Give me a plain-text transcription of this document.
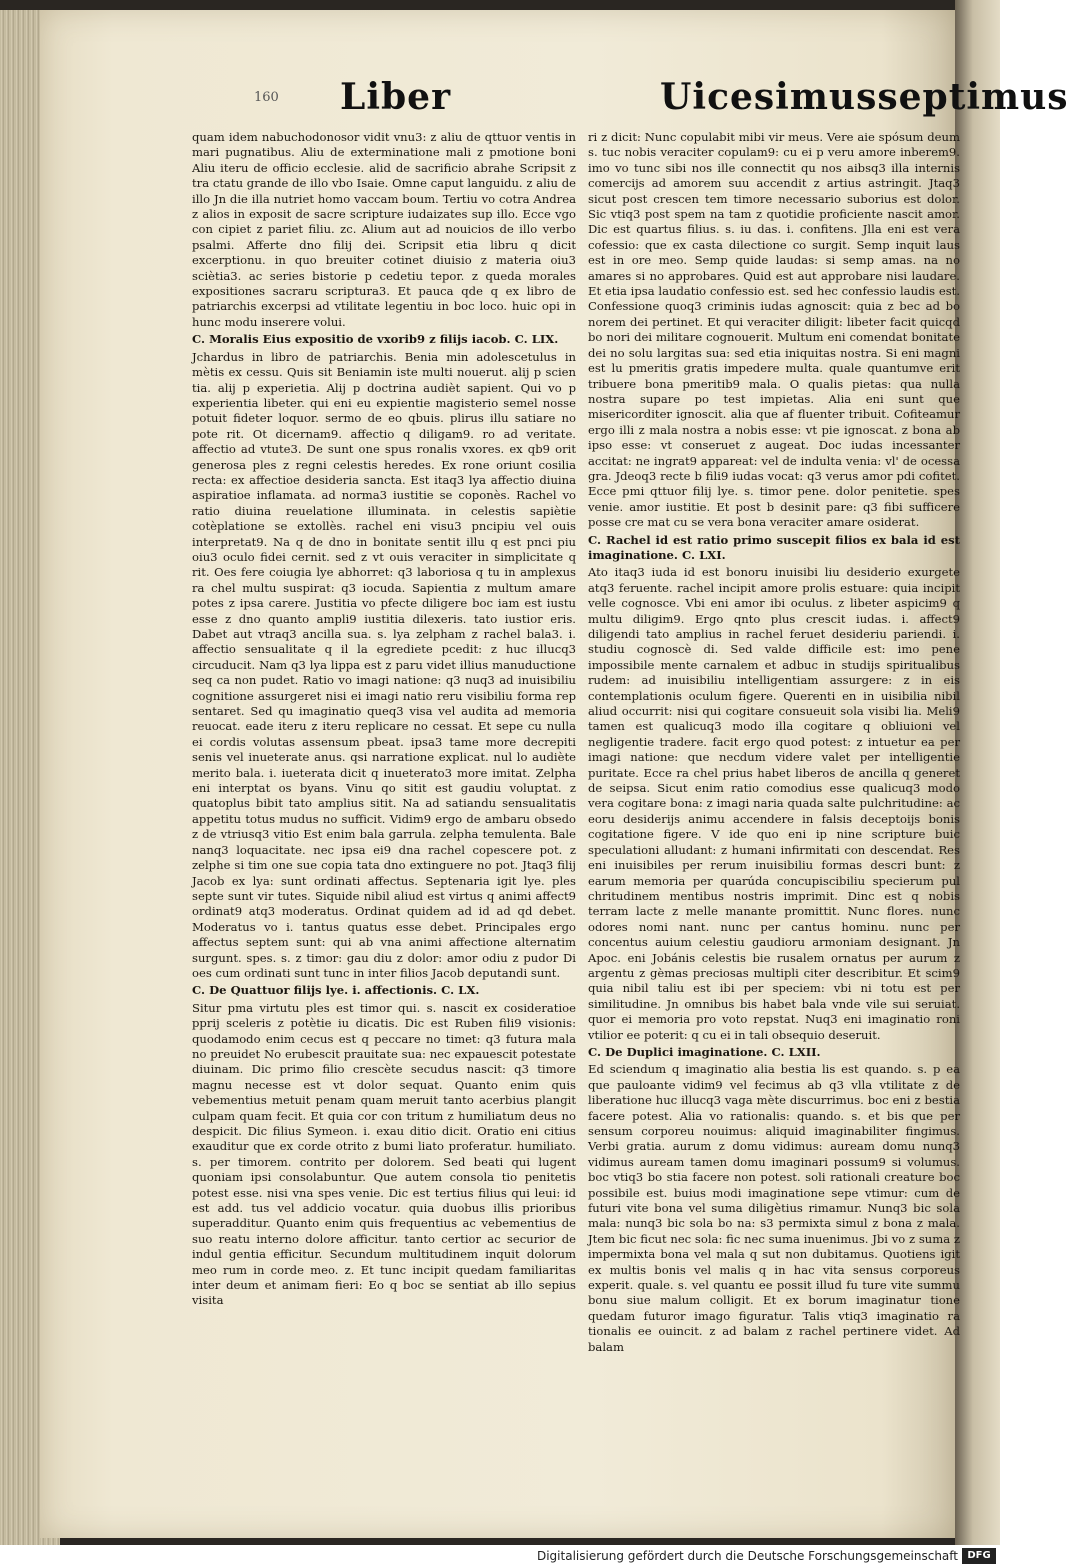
160 Liber	Uicesimusseptimus

quam idem nabuchodonosor vidit vnu3: z aliu de qttuor ventis in mari pugnatibus. Aliu de exterminatione mali z pmotione boni Aliu iteru de officio ecclesie. alid de sacrificio abrahe Scripsit z tra ctatu grande de illo vbo Isaie. Omne caput languidu. z aliu de illo Jn die illa nutriet homo vaccam boum. Tertiu vo cotra Andrea z alios in exposit de sacre scripture iudaizates sup illo. Ecce vgo con cipiet z pariet filiu. zc. Alium aut ad nouicios de illo verbo psalmi. Afferte dno filij dei. Scripsit etia libru q dicit excerptionu. in quo breuiter cotinet diuisio z materia oiu3 sciètia3. ac series bistorie p cedetiu tepor. z queda morales expositiones sacraru scriptura3. Et pauca qde q ex libro de patriarchis excerpsi ad vtilitate legentiu in boc loco. huic opi in hunc modu inserere volui.

C. Moralis Eius expositio de vxorib9 z filijs iacob. C. LIX.

Jchardus in libro de patriarchis. Benia min adolescetulus in mètis ex cessu. Quis sit Beniamin iste multi nouerut. alij p scien tia. alij p experietia. Alij p doctrina audièt sapient. Qui vo p experientia libeter. qui eni eu expientie magisterio semel nosse potuit fideter loquor. sermo de eo qbuis. plirus illu satiare no pote rit. Ot dicernam9. affectio q diligam9. ro ad veritate. affectio ad vtute3. De sunt one spus ronalis vxores. ex qb9 orit generosa ples z regni celestis heredes. Ex rone oriunt cosilia recta: ex affectioe desideria sancta. Est itaq3 lya affectio diuina aspiratioe inflamata. ad norma3 iustitie se coponès. Rachel vo ratio diuina reuelatione illuminata. in celestis sapiètie cotèplatione se extollès. rachel eni visu3 pncipiu vel ouis interpretat9. Na q de dno in bonitate sentit illu q est pnci piu oiu3 oculo fidei cernit. sed z vt ouis veraciter in simplicitate q rit. Oes fere coiugia lye abhorret: q3 laboriosa q tu in amplexus ra chel multu suspirat: q3 iocuda. Sapientia z multum amare potes z ipsa carere. Justitia vo pfecte diligere boc iam est iustu esse z dno quanto ampli9 iustitia dilexeris. tato iustior eris. Dabet aut vtraq3 ancilla sua. s. lya zelpham z rachel bala3. i. affectio sensualitate q il la egrediete pcedit: z huc illucq3 circuducit. Nam q3 lya lippa est z paru videt illius manuductione seq ca non pudet. Ratio vo imagi natione: q3 nuq3 ad inuisibiliu cognitione assurgeret nisi ei imagi natio reru visibiliu forma rep sentaret. Sed qu imaginatio queq3 visa vel audita ad memoria reuocat. eade iteru z iteru replicare no cessat. Et sepe cu nulla ei cordis volutas assensum pbeat. ipsa3 tame more decrepiti senis vel inueterate anus. qsi narratione explicat. nul lo audiète merito bala. i. iueterata dicit q inueterato3 more imitat. Zelpha eni interptat os byans. Vinu qo sitit est gaudiu voluptat. z quatoplus bibit tato amplius sitit. Na ad satiandu sensualitatis appetitu totus mudus no sufficit. Vidim9 ergo de ambaru obsedo z de vtriusq3 vitio Est enim bala garrula. zelpha temulenta. Bale nanq3 loquacitate. nec ipsa ei9 dna rachel copescere pot. z zelphe si tim one sue copia tata dno extinguere no pot. Jtaq3 filij Jacob ex lya: sunt ordinati affectus. Septenaria igit lye. ples septe sunt vir tutes. Siquide nibil aliud est virtus q animi affect9 ordinat9 atq3 moderatus. Ordinat quidem ad id ad qd debet. Moderatus vo i. tantus quatus esse debet. Principales ergo affectus septem sunt: qui ab vna animi affectione alternatim surgunt. spes. s. z timor: gau diu z dolor: amor odiu z pudor Di oes cum ordinati sunt tunc in inter filios Jacob deputandi sunt.

C. De Quattuor filijs lye. i. affectionis. C. LX.

Situr pma virtutu ples est timor qui. s. nascit ex cosideratioe pprij sceleris z potètie iu dicatis. Dic est Ruben fili9 visionis: quodamodo enim cecus est q peccare no timet: q3 futura mala no preuidet No erubescit prauitate sua: nec expauescit potestate diuinam. Dic primo filio crescète secudus nascit: q3 timore magnu necesse est vt dolor sequat. Quanto enim quis vebementius metuit penam quam meruit tanto acerbius plangit culpam quam fecit. Et quia cor con tritum z humiliatum deus no despicit. Dic filius Symeon. i. exau ditio dicit. Oratio eni citius exauditur que ex corde otrito z bumi liato proferatur. humiliato. s. per timorem. contrito per dolorem. Sed beati qui lugent quoniam ipsi consolabuntur. Que autem consola tio penitetis potest esse. nisi vna spes venie. Dic est tertius filius qui leui: id est add. tus vel addicio vocatur. quia duobus illis prioribus superadditur. Quanto enim quis frequentius ac vebementius de suo reatu interno dolore afficitur. tanto certior ac securior de indul gentia efficitur. Secundum multitudinem inquit dolorum meo rum in corde meo. z. Et tunc incipit quedam familiaritas inter deum et animam fieri: Eo q boc se sentiat ab illo sepius visita

ri z dicit: Nunc copulabit mibi vir meus. Vere aie spósum deum s. tuc nobis veraciter copulam9: cu ei p veru amore inberem9. imo vo tunc sibi nos ille connectit qu nos aibsq3 illa internis comercijs ad amorem suu accendit z artius astringit. Jtaq3 sicut post crescen tem timore necessario suborius est dolor. Sic vtiq3 post spem na tam z quotidie proficiente nascit amor. Dic est quartus filius. s. iu das. i. confitens. Jlla eni est vera cofessio: que ex casta dilectione co surgit. Semp inquit laus est in ore meo. Semp quide laudas: si semp amas. na no amares si no approbares. Quid est aut approbare nisi laudare. Et etia ipsa laudatio confessio est. sed hec confessio laudis est. Confessione quoq3 criminis iudas agnoscit: quia z bec ad bo norem dei pertinet. Et qui veraciter diligit: libeter facit quicqd bo nori dei militare cognouerit. Multum eni comendat bonitate dei no solu largitas sua: sed etia iniquitas nostra. Si eni magni est lu pmeritis gratis impedere multa. quale quantumve erit tribuere bona pmeritib9 mala. O qualis pietas: qua nulla nostra supare po test impietas. Alia eni sunt que misericorditer ignoscit. alia que af fluenter tribuit. Cofiteamur ergo illi z mala nostra a nobis esse: vt pie ignoscat. z bona ab ipso esse: vt conseruet z augeat. Doc iudas incessanter accitat: ne ingrat9 appareat: vel de indulta venia: vl' de ocessa gra. Jdeoq3 recte b fili9 iudas vocat: q3 verus amor pdi cofitet. Ecce pmi qttuor filij lye. s. timor pene. dolor penitetie. spes venie. amor iustitie. Et post b desinit pare: q3 fibi sufficere posse cre mat cu se vera bona veraciter amare osiderat.

C. Rachel id est ratio primo suscepit filios ex bala id est imaginatione. C. LXI.

Ato itaq3 iuda id est bonoru inuisibi liu desiderio exurgete atq3 feruente. rachel incipit amore prolis estuare: quia incipit velle cognosce. Vbi eni amor ibi oculus. z libeter aspicim9 q multu diligim9. Ergo qnto plus crescit iudas. i. affect9 diligendi tato amplius in rachel feruet desideriu pariendi. i. studiu cognoscè di. Sed valde difficile est: imo pene impossibile mente carnalem et adbuc in studijs spiritualibus rudem: ad inuisibiliu intelligentiam assurgere: z in eis contemplationis oculum figere. Querenti en in uisibilia nibil aliud occurrit: nisi qui cogitare consueuit sola visibi lia. Meli9 tamen est qualicuq3 modo illa cogitare q obliuioni vel negligentie tradere. facit ergo quod potest: z intuetur ea per imagi natione: que necdum videre valet per intelligentie puritate. Ecce ra chel prius habet liberos de ancilla q generet de seipsa. Sicut enim ratio comodius esse qualicuq3 modo vera cogitare bona: z imagi naria quada salte pulchritudine: ac eoru desiderijs animu accendere in falsis deceptoijs bonis cogitatione figere. V ide quo eni ip nine scripture buic speculationi alludant: z humani infirmitati con descendat. Res eni inuisibiles per rerum inuisibiliu formas descri bunt: z earum memoria per quarúda concupiscibiliu specierum pul chritudinem mentibus nostris imprimit. Dinc est q nobis terram lacte z melle manante promittit. Nunc flores. nunc odores nomi nant. nunc per cantus hominu. nunc per concentus auium celestiu gaudioru armoniam designant. Jn Apoc. eni Jobánis celestis bie rusalem ornatus per aurum z argentu z gèmas preciosas multipli citer describitur. Et scim9 quia nibil taliu est ibi per speciem: vbi ni totu est per similitudine. Jn omnibus bis habet bala vnde vile sui seruiat. quor ei memoria pro voto repstat. Nuq3 eni imaginatio roni vtilior ee poterit: q cu ei in tali obsequio deseruit.

C. De Duplici imaginatione. C. LXII.

Ed sciendum q imaginatio alia bestia lis est quando. s. p ea que pauloante vidim9 vel fecimus ab q3 vlla vtilitate z de liberatione huc illucq3 vaga mète discurrimus. boc eni z bestia facere potest. Alia vo rationalis: quando. s. et bis que per sensum corporeu nouimus: aliquid imaginabiliter fingimus. Verbi gratia. aurum z domu vidimus: auream domu nunq3 vidimus auream tamen domu imaginari possum9 si volumus. boc vtiq3 bo stia facere non potest. soli rationali creature boc possibile est. buius modi imaginatione sepe vtimur: cum de futuri vite bona vel suma diligètius rimamur. Nunq3 bic sola mala: nunq3 bic sola bo na: s3 permixta simul z bona z mala. Jtem bic ficut nec sola: fic nec suma inuenimus. Jbi vo z suma z impermixta bona vel mala q sut non dubitamus. Quotiens igit ex multis bonis vel malis q in hac vita sensus corporeus experit. quale. s. vel quantu ee possit illud fu ture vite summu bonu siue malum colligit. Et ex borum imaginatur tione quedam futuror imago figuratur. Talis vtiq3 imaginatio ra tionalis ee ouincit. z ad balam z rachel pertinere videt. Ad balam

Digitalisierung gefördert durch die Deutsche Forschungsgemeinschaft DFG
